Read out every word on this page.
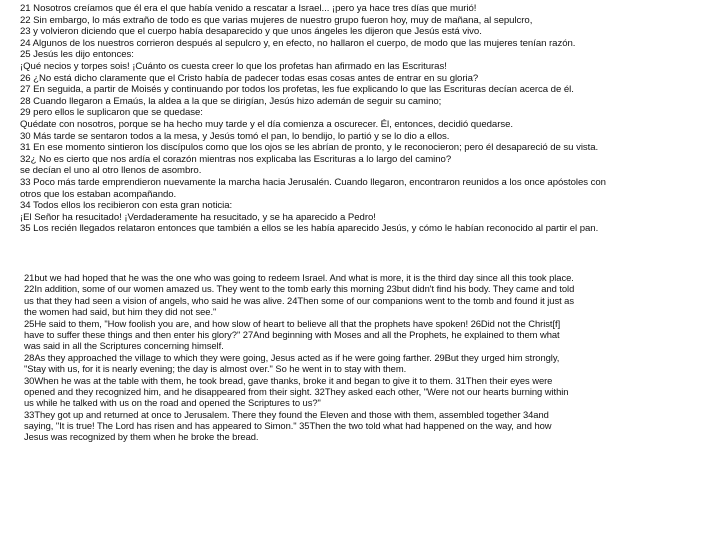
21 Nosotros creíamos que él era el que había venido a rescatar a Israel... ¡pero ya hace tres días que murió!
22 Sin embargo, lo más extraño de todo es que varias mujeres de nuestro grupo fueron hoy, muy de mañana, al sepulcro,
23 y volvieron diciendo que el cuerpo había desaparecido y que unos ángeles les dijeron que Jesús está vivo.
24 Algunos de los nuestros corrieron después al sepulcro y, en efecto, no hallaron el cuerpo, de modo que las mujeres tenían razón.
25 Jesús les dijo entonces:
¡Qué necios y torpes sois! ¡Cuánto os cuesta creer lo que los profetas han afirmado en las Escrituras!
26 ¿No está dicho claramente que el Cristo había de padecer todas esas cosas antes de entrar en su gloria?
27 En seguida, a partir de Moisés y continuando por todos los profetas, les fue explicando lo que las Escrituras decían acerca de él.
28 Cuando llegaron a Emaús, la aldea a la que se dirigían, Jesús hizo ademán de seguir su camino;
29 pero ellos le suplicaron que se quedase:
Quédate con nosotros, porque se ha hecho muy tarde y el día comienza a oscurecer. Él, entonces, decidió quedarse.
30 Más tarde se sentaron todos a la mesa, y Jesús tomó el pan, lo bendijo, lo partió y se lo dio a ellos.
31 En ese momento sintieron los discípulos como que los ojos se les abrían de pronto, y le reconocieron; pero él desapareció de su vista.
32¿ No es cierto que nos ardía el corazón mientras nos explicaba las Escrituras a lo largo del camino?
se decían el uno al otro llenos de asombro.
33 Poco más tarde emprendieron nuevamente la marcha hacia Jerusalén. Cuando llegaron, encontraron reunidos a los once apóstoles con
otros que los estaban acompañando.
34 Todos ellos los recibieron con esta gran noticia:
¡El Señor ha resucitado! ¡Verdaderamente ha resucitado, y se ha aparecido a Pedro!
35 Los recién llegados relataron entonces que también a ellos se les había aparecido Jesús, y cómo le habían reconocido al partir el pan.
21but we had hoped that he was the one who was going to redeem Israel. And what is more, it is the third day since all this took place.
22In addition, some of our women amazed us. They went to the tomb early this morning 23but didn't find his body. They came and told
us that they had seen a vision of angels, who said he was alive. 24Then some of our companions went to the tomb and found it just as
the women had said, but him they did not see."
25He said to them, "How foolish you are, and how slow of heart to believe all that the prophets have spoken! 26Did not the Christ[f]
have to suffer these things and then enter his glory?" 27And beginning with Moses and all the Prophets, he explained to them what
was said in all the Scriptures concerning himself.
28As they approached the village to which they were going, Jesus acted as if he were going farther. 29But they urged him strongly,
"Stay with us, for it is nearly evening; the day is almost over." So he went in to stay with them.
30When he was at the table with them, he took bread, gave thanks, broke it and began to give it to them. 31Then their eyes were
opened and they recognized him, and he disappeared from their sight. 32They asked each other, "Were not our hearts burning within
us while he talked with us on the road and opened the Scriptures to us?"
33They got up and returned at once to Jerusalem. There they found the Eleven and those with them, assembled together 34and
saying, "It is true! The Lord has risen and has appeared to Simon." 35Then the two told what had happened on the way, and how
Jesus was recognized by them when he broke the bread.
